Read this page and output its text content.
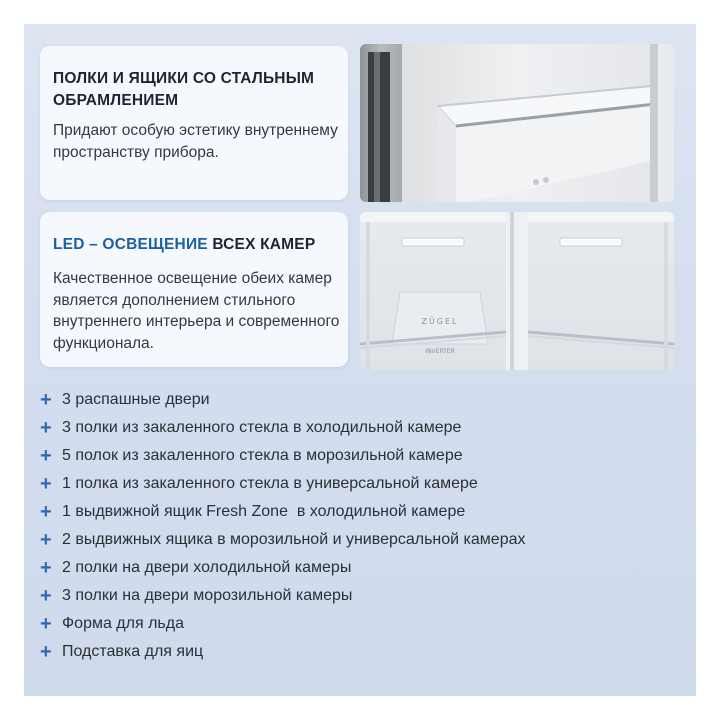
ПОЛКИ И ЯЩИКИ СО СТАЛЬНЫМ ОБРАМЛЕНИЕМ
Придают особую эстетику внутреннему пространству прибора.
LED – ОСВЕЩЕНИЕ ВСЕХ КАМЕР
Качественное освещение обеих камер является дополнением стильного внутреннего интерьера и современного функционала.
ZÜGEL
INVERTER
+ 3 распашные двери
+ 3 полки из закаленного стекла в холодильной камере
+ 5 полок из закаленного стекла в морозильной камере
+ 1 полка из закаленного стекла в универсальной камере
+ 1 выдвижной ящик Fresh Zone  в холодильной камере
+ 2 выдвижных ящика в морозильной и универсальной камерах
+ 2 полки на двери холодильной камеры
+ 3 полки на двери морозильной камеры
+ Форма для льда
+ Подставка для яиц
